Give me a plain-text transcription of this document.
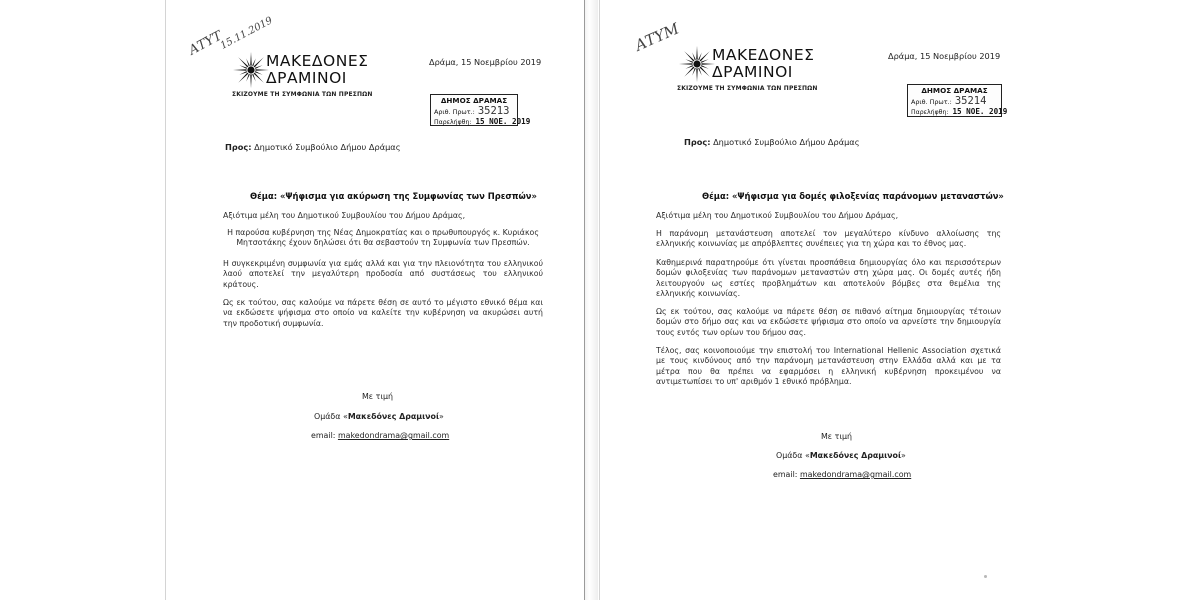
ΑΤΥΤ
15.11.2019
ΜΑΚΕΔΟΝΕΣ
ΔΡΑΜΙΝΟΙ
ΣΚΙΖΟΥΜΕ ΤΗ ΣΥΜΦΩΝΙΑ ΤΩΝ ΠΡΕΣΠΩΝ
Δράμα, 15 Νοεμβρίου 2019
ΔΗΜΟΣ ΔΡΑΜΑΣ
Αριθ. Πρωτ.: 35213
Παρελήφθη: 15 ΝΟΕ. 2019
Προς: Δημοτικό Συμβούλιο Δήμου Δράμας
Θέμα: «Ψήφισμα για ακύρωση της Συμφωνίας των Πρεσπών»
Αξιότιμα μέλη του Δημοτικού Συμβουλίου του Δήμου Δράμας,
Η παρούσα κυβέρνηση της Νέας Δημοκρατίας και ο πρωθυπουργός κ. Κυριάκος Μητσοτάκης έχουν δηλώσει ότι θα σεβαστούν τη Συμφωνία των Πρεσπών.
Η συγκεκριμένη συμφωνία για εμάς αλλά και για την πλειονότητα του ελληνικού λαού αποτελεί την μεγαλύτερη προδοσία από συστάσεως του ελληνικού κράτους.
Ως εκ τούτου, σας καλούμε να πάρετε θέση σε αυτό το μέγιστο εθνικό θέμα και να εκδώσετε ψήφισμα στο οποίο να καλείτε την κυβέρνηση να ακυρώσει αυτή την προδοτική συμφωνία.
Με τιμή
Ομάδα «Μακεδόνες Δραμινοί»
email: makedondrama@gmail.com
ΑΤΥΜ
ΜΑΚΕΔΟΝΕΣ
ΔΡΑΜΙΝΟΙ
ΣΚΙΖΟΥΜΕ ΤΗ ΣΥΜΦΩΝΙΑ ΤΩΝ ΠΡΕΣΠΩΝ
Δράμα, 15 Νοεμβρίου 2019
ΔΗΜΟΣ ΔΡΑΜΑΣ
Αριθ. Πρωτ.: 35214
Παρελήφθη: 15 ΝΟΕ. 2019
Προς: Δημοτικό Συμβούλιο Δήμου Δράμας
Θέμα: «Ψήφισμα για δομές φιλοξενίας παράνομων μεταναστών»
Αξιότιμα μέλη του Δημοτικού Συμβουλίου του Δήμου Δράμας,
Η παράνομη μετανάστευση αποτελεί τον μεγαλύτερο κίνδυνο αλλοίωσης της ελληνικής κοινωνίας με απρόβλεπτες συνέπειες για τη χώρα και το έθνος μας.
Καθημερινά παρατηρούμε ότι γίνεται προσπάθεια δημιουργίας όλο και περισσότερων δομών φιλοξενίας των παράνομων μεταναστών στη χώρα μας. Οι δομές αυτές ήδη λειτουργούν ως εστίες προβλημάτων και αποτελούν βόμβες στα θεμέλια της ελληνικής κοινωνίας.
Ως εκ τούτου, σας καλούμε να πάρετε θέση σε πιθανό αίτημα δημιουργίας τέτοιων δομών στο δήμο σας και να εκδώσετε ψήφισμα στο οποίο να αρνείστε την δημιουργία τους εντός των ορίων του δήμου σας.
Τέλος, σας κοινοποιούμε την επιστολή του International Hellenic Association σχετικά με τους κινδύνους από την παράνομη μετανάστευση στην Ελλάδα αλλά και με τα μέτρα που θα πρέπει να εφαρμόσει η ελληνική κυβέρνηση προκειμένου να αντιμετωπίσει το υπ' αριθμόν 1 εθνικό πρόβλημα.
Με τιμή
Ομάδα «Μακεδόνες Δραμινοί»
email: makedondrama@gmail.com
